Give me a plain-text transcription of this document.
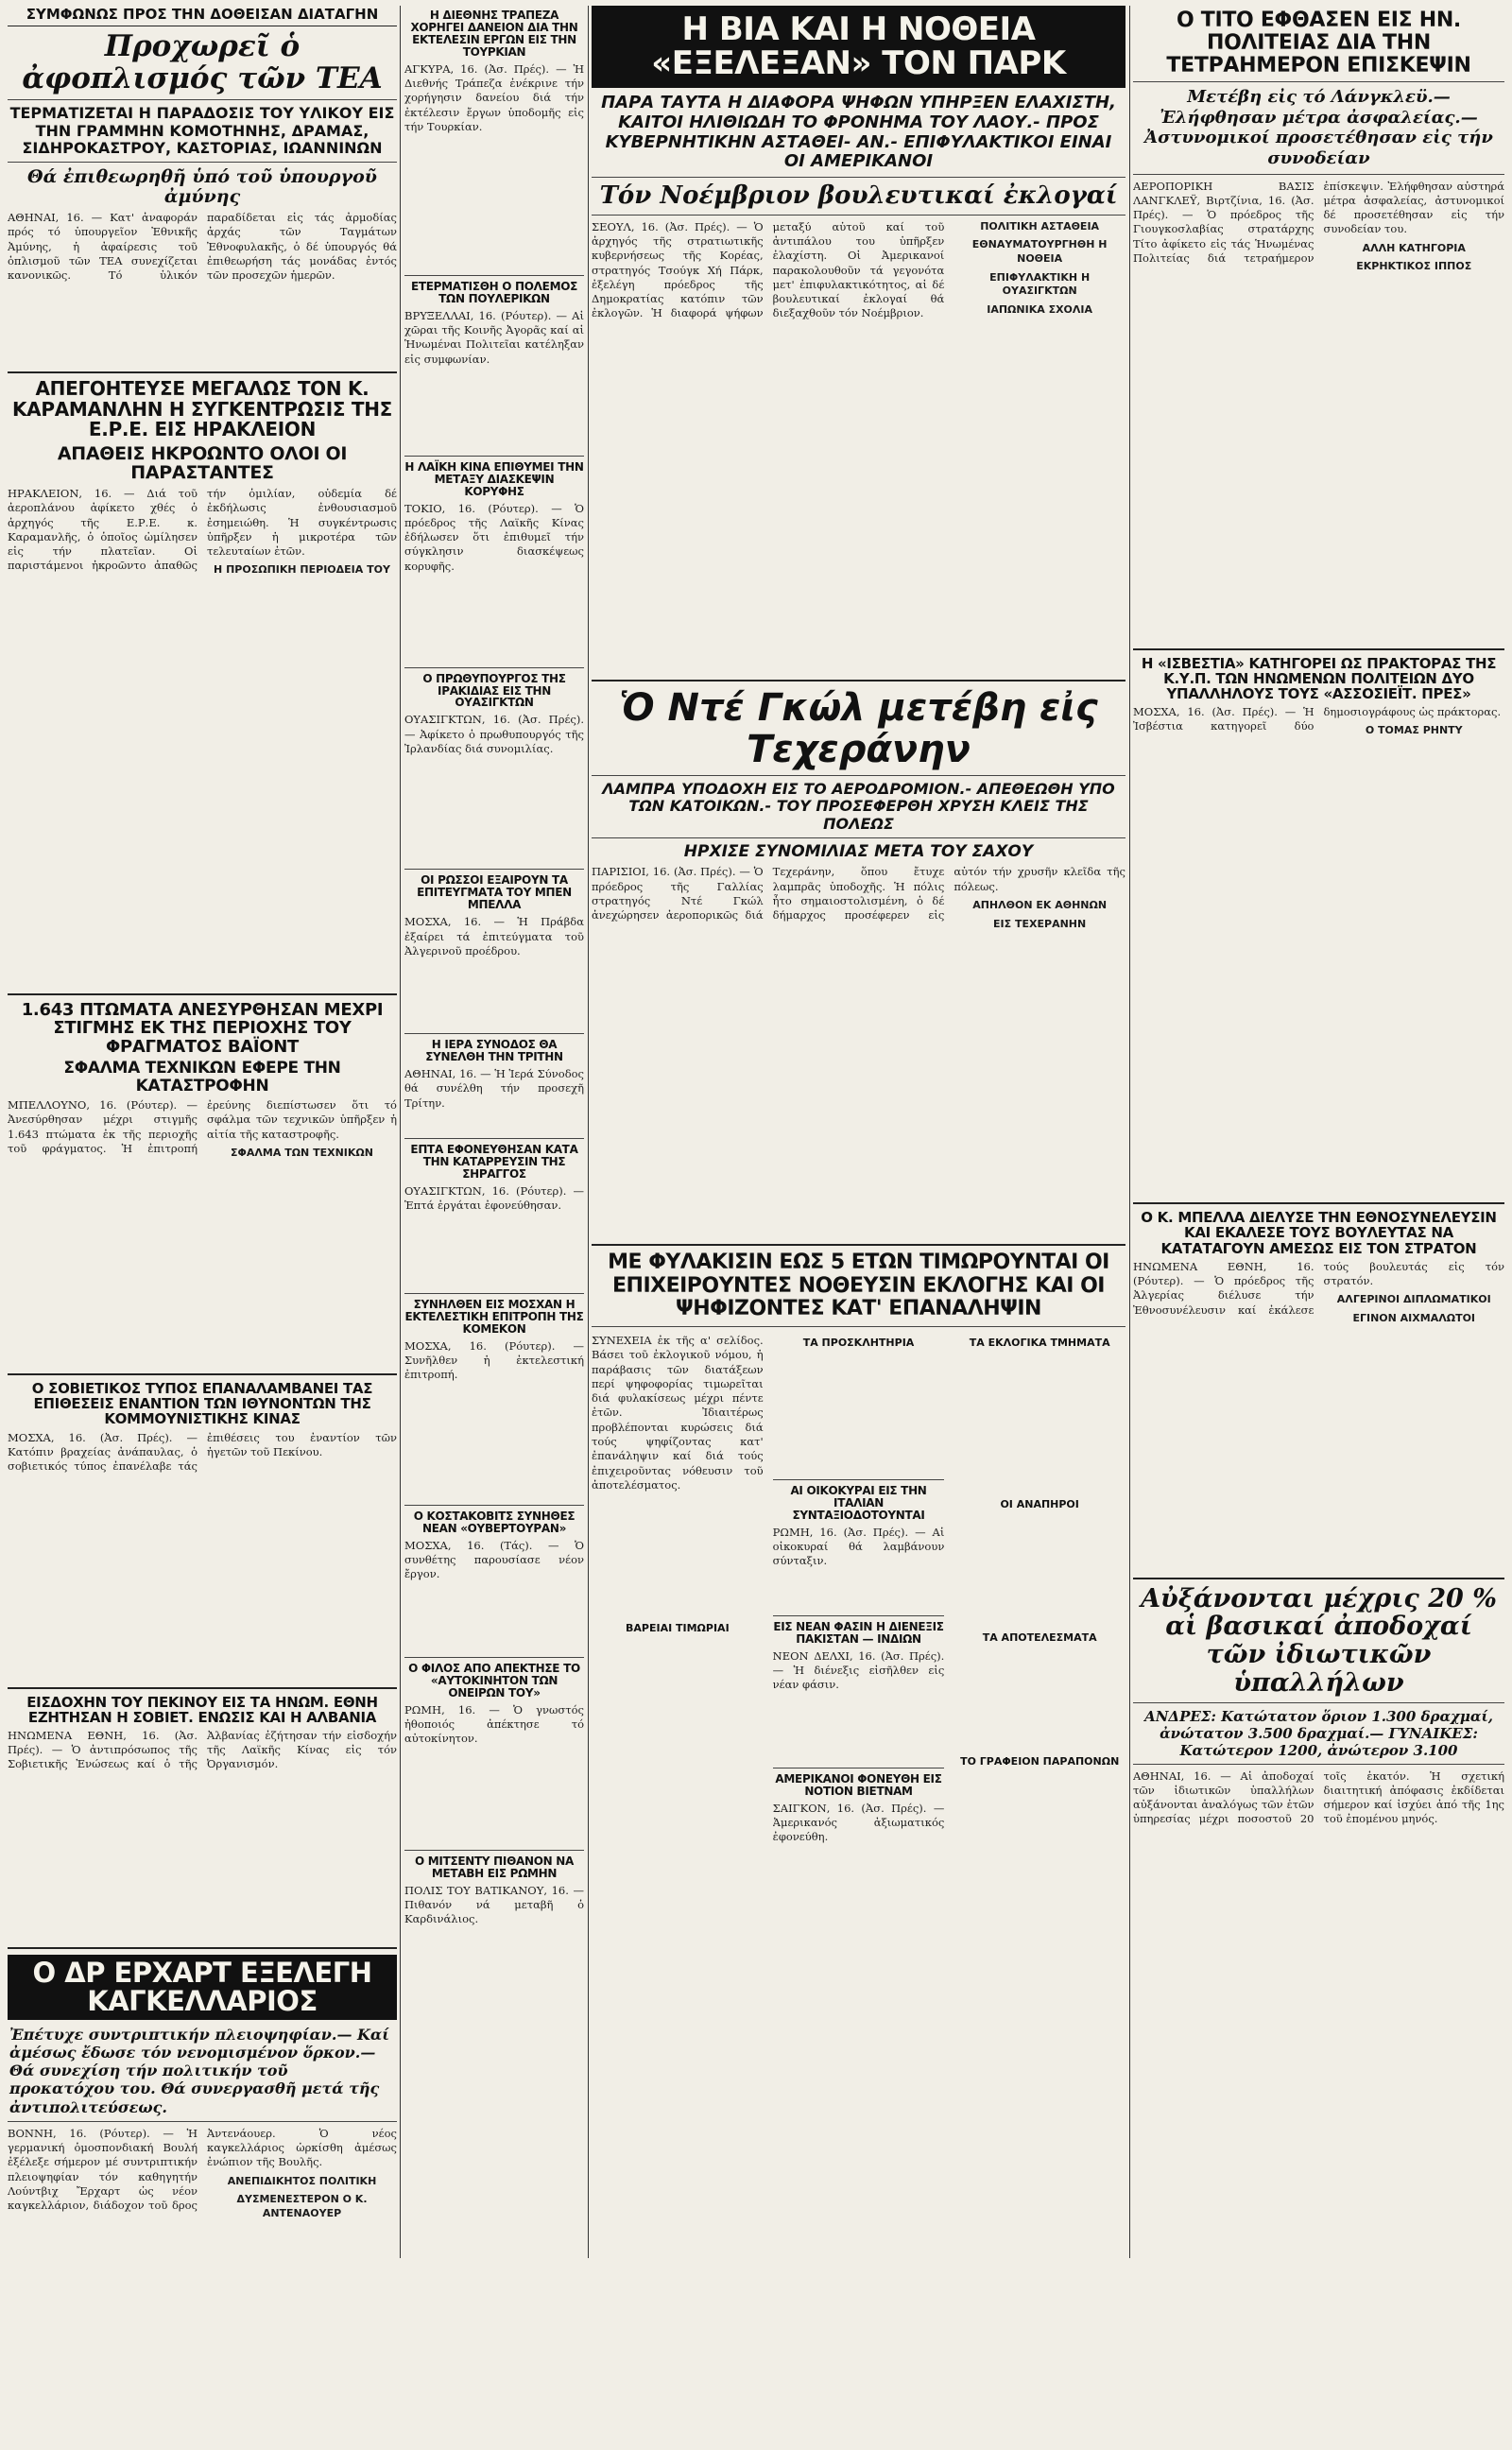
ΣΥΜΦΩΝΩΣ ΠΡΟΣ ΤΗΝ ΔΟΘΕΙΣΑΝ ΔΙΑΤΑΓΗΝ
Προχωρεῖ ὁ ἀφοπλισμός τῶν ΤΕΑ
ΤΕΡΜΑΤΙΖΕΤΑΙ Η ΠΑΡΑΔΟΣΙΣ ΤΟΥ ΥΛΙΚΟΥ ΕΙΣ ΤΗΝ ΓΡΑΜΜΗΝ ΚΟΜΟΤΗΝΗΣ, ΔΡΑΜΑΣ, ΣΙΔΗΡΟΚΑΣΤΡΟΥ, ΚΑΣΤΟΡΙΑΣ, ΙΩΑΝΝΙΝΩΝ
Θά ἐπιθεωρηθῆ ὑπό τοῦ ὑπουργοῦ ἀμύνης
ΑΘΗΝΑΙ, 16. — Κατ' ἀναφοράν πρός τό ὑπουργεῖον Ἐθνικῆς Ἀμύνης, ἡ ἀφαίρεσις τοῦ ὁπλισμοῦ τῶν ΤΕΑ συνεχίζεται κανονικῶς. Τό ὑλικόν παραδίδεται εἰς τάς ἀρμοδίας ἀρχάς τῶν Ταγμάτων Ἐθνοφυλακῆς, ὁ δέ ὑπουργός θά ἐπιθεωρήση τάς μονάδας ἐντός τῶν προσεχῶν ἡμερῶν.
ΑΠΕΓΟΗΤΕΥΣΕ ΜΕΓΑΛΩΣ ΤΟΝ Κ. ΚΑΡΑΜΑΝΛΗΝ Η ΣΥΓΚΕΝΤΡΩΣΙΣ ΤΗΣ Ε.Ρ.Ε. ΕΙΣ ΗΡΑΚΛΕΙΟΝ
ΑΠΑΘΕΙΣ ΗΚΡΟΩΝΤΟ ΟΛΟΙ ΟΙ ΠΑΡΑΣΤΑΝΤΕΣ
ΗΡΑΚΛΕΙΟΝ, 16. — Διά τοῦ ἀεροπλάνου ἀφίκετο χθές ὁ ἀρχηγός τῆς Ε.Ρ.Ε. κ. Καραμανλῆς, ὁ ὁποῖος ὡμίλησεν εἰς τήν πλατεῖαν. Οἱ παριστάμενοι ἠκροῶντο ἀπαθῶς τήν ὁμιλίαν, οὐδεμία δέ ἐκδήλωσις ἐνθουσιασμοῦ ἐσημειώθη. Ἡ συγκέντρωσις ὑπῆρξεν ἡ μικροτέρα τῶν τελευταίων ἐτῶν.
Η ΠΡΟΣΩΠΙΚΗ ΠΕΡΙΟΔΕΙΑ ΤΟΥ
1.643 ΠΤΩΜΑΤΑ ΑΝΕΣΥΡΘΗΣΑΝ ΜΕΧΡΙ ΣΤΙΓΜΗΣ ΕΚ ΤΗΣ ΠΕΡΙΟΧΗΣ ΤΟΥ ΦΡΑΓΜΑΤΟΣ ΒΑΪΟΝΤ
ΣΦΑΛΜΑ ΤΕΧΝΙΚΩΝ ΕΦΕΡΕ ΤΗΝ ΚΑΤΑΣΤΡΟΦΗΝ
ΜΠΕΛΛΟΥΝΟ, 16. (Ρόυτερ). — Ἀνεσύρθησαν μέχρι στιγμῆς 1.643 πτώματα ἐκ τῆς περιοχῆς τοῦ φράγματος. Ἡ ἐπιτροπή ἐρεύνης διεπίστωσεν ὅτι τό σφάλμα τῶν τεχνικῶν ὑπῆρξεν ἡ αἰτία τῆς καταστροφῆς.
ΣΦΑΛΜΑ ΤΩΝ ΤΕΧΝΙΚΩΝ
Ο ΣΟΒΙΕΤΙΚΟΣ ΤΥΠΟΣ ΕΠΑΝΑΛΑΜΒΑΝΕΙ ΤΑΣ ΕΠΙΘΕΣΕΙΣ ΕΝΑΝΤΙΟΝ ΤΩΝ ΙΘΥΝΟΝΤΩΝ ΤΗΣ ΚΟΜΜΟΥΝΙΣΤΙΚΗΣ ΚΙΝΑΣ
ΜΟΣΧΑ, 16. (Ἀσ. Πρές). — Κατόπιν βραχείας ἀνάπαυλας, ὁ σοβιετικός τύπος ἐπανέλαβε τάς ἐπιθέσεις του ἐναντίον τῶν ἡγετῶν τοῦ Πεκίνου.
ΕΙΣΔΟΧΗΝ ΤΟΥ ΠΕΚΙΝΟΥ ΕΙΣ ΤΑ ΗΝΩΜ. ΕΘΝΗ ΕΖΗΤΗΣΑΝ Η ΣΟΒΙΕΤ. ΕΝΩΣΙΣ ΚΑΙ Η ΑΛΒΑΝΙΑ
ΗΝΩΜΕΝΑ ΕΘΝΗ, 16. (Ἀσ. Πρές). — Ὁ ἀντιπρόσωπος τῆς Σοβιετικῆς Ἑνώσεως καί ὁ τῆς Ἀλβανίας ἐζήτησαν τήν εἰσδοχήν τῆς Λαϊκῆς Κίνας εἰς τόν Ὀργανισμόν.
Ο ΔΡ ΕΡΧΑΡΤ ΕΞΕΛΕΓΗ ΚΑΓΚΕΛΛΑΡΙΟΣ
Ἐπέτυχε συντριπτικήν πλειοψηφίαν.— Καί ἀμέσως ἔδωσε τόν νενομισμένον ὅρκον.— Θά συνεχίση τήν πολιτικήν τοῦ προκατόχου του. Θά συνεργασθῆ μετά τῆς ἀντιπολιτεύσεως.
ΒΟΝΝΗ, 16. (Ρόυτερ). — Ἡ γερμανική ὁμοσπονδιακή Βουλή ἐξέλεξε σήμερον μέ συντριπτικήν πλειοψηφίαν τόν καθηγητήν Λούντβιχ Ἔρχαρτ ὡς νέον καγκελλάριον, διάδοχον τοῦ δρος Ἀντενάουερ. Ὁ νέος καγκελλάριος ὡρκίσθη ἀμέσως ἐνώπιον τῆς Βουλῆς.
ΑΝΕΠΙΔΙΚΗΤΟΣ ΠΟΛΙΤΙΚΗ
ΔΥΣΜΕΝΕΣΤΕΡΟΝ Ο Κ. ΑΝΤΕΝΑΟΥΕΡ
Η ΔΙΕΘΝΗΣ ΤΡΑΠΕΖΑ ΧΟΡΗΓΕΙ ΔΑΝΕΙΟΝ ΔΙΑ ΤΗΝ ΕΚΤΕΛΕΣΙΝ ΕΡΓΩΝ ΕΙΣ ΤΗΝ ΤΟΥΡΚΙΑΝ
ΑΓΚΥΡΑ, 16. (Ἀσ. Πρές). — Ἡ Διεθνής Τράπεζα ἐνέκρινε τήν χορήγησιν δανείου διά τήν ἐκτέλεσιν ἔργων ὑποδομῆς εἰς τήν Τουρκίαν.
ΕΤΕΡΜΑΤΙΣΘΗ Ο ΠΟΛΕΜΟΣ ΤΩΝ ΠΟΥΛΕΡΙΚΩΝ
ΒΡΥΞΕΛΛΑΙ, 16. (Ρόυτερ). — Αἱ χῶραι τῆς Κοινῆς Ἀγορᾶς καί αἱ Ἡνωμέναι Πολιτεῖαι κατέληξαν εἰς συμφωνίαν.
Η ΛΑΪΚΗ ΚΙΝΑ ΕΠΙΘΥΜΕΙ ΤΗΝ ΜΕΤΑΞΥ ΔΙΑΣΚΕΨΙΝ ΚΟΡΥΦΗΣ
ΤΟΚΙΟ, 16. (Ρόυτερ). — Ὁ πρόεδρος τῆς Λαϊκῆς Κίνας ἐδήλωσεν ὅτι ἐπιθυμεῖ τήν σύγκλησιν διασκέψεως κορυφῆς.
Ο ΠΡΩΘΥΠΟΥΡΓΟΣ ΤΗΣ ΙΡΑΚΙΔΙΑΣ ΕΙΣ ΤΗΝ ΟΥΑΣΙΓΚΤΩΝ
ΟΥΑΣΙΓΚΤΩΝ, 16. (Ἀσ. Πρές). — Ἀφίκετο ὁ πρωθυπουργός τῆς Ἰρλανδίας διά συνομιλίας.
ΟΙ ΡΩΣΣΟΙ ΕΞΑΙΡΟΥΝ ΤΑ ΕΠΙΤΕΥΓΜΑΤΑ ΤΟΥ ΜΠΕΝ ΜΠΕΛΛΑ
ΜΟΣΧΑ, 16. — Ἡ Πράβδα ἐξαίρει τά ἐπιτεύγματα τοῦ Ἀλγερινοῦ προέδρου.
Η ΙΕΡΑ ΣΥΝΟΔΟΣ ΘΑ ΣΥΝΕΛΘΗ ΤΗΝ ΤΡΙΤΗΝ
ΑΘΗΝΑΙ, 16. — Ἡ Ἱερά Σύνοδος θά συνέλθη τήν προσεχῆ Τρίτην.
ΕΠΤΑ ΕΦΟΝΕΥΘΗΣΑΝ ΚΑΤΑ ΤΗΝ ΚΑΤΑΡΡΕΥΣΙΝ ΤΗΣ ΣΗΡΑΓΓΟΣ
ΟΥΑΣΙΓΚΤΩΝ, 16. (Ρόυτερ). — Ἑπτά ἐργάται ἐφονεύθησαν.
ΣΥΝΗΛΘΕΝ ΕΙΣ ΜΟΣΧΑΝ Η ΕΚΤΕΛΕΣΤΙΚΗ ΕΠΙΤΡΟΠΗ ΤΗΣ ΚΟΜΕΚΟΝ
ΜΟΣΧΑ, 16. (Ρόυτερ). — Συνῆλθεν ἡ ἐκτελεστική ἐπιτροπή.
Ο ΚΟΣΤΑΚΟΒΙΤΣ ΣΥΝΗΘΕΣ ΝΕΑΝ «ΟΥΒΕΡΤΟΥΡΑΝ»
ΜΟΣΧΑ, 16. (Τάς). — Ὁ συνθέτης παρουσίασε νέον ἔργον.
Ο ΦΙΛΟΣ ΑΠΟ ΑΠΕΚΤΗΣΕ ΤΟ «ΑΥΤΟΚΙΝΗΤΟΝ ΤΩΝ ΟΝΕΙΡΩΝ ΤΟΥ»
ΡΩΜΗ, 16. — Ὁ γνωστός ἠθοποιός ἀπέκτησε τό αὐτοκίνητον.
Ο ΜΙΤΣΕΝΤΥ ΠΙΘΑΝΟΝ ΝΑ ΜΕΤΑΒΗ ΕΙΣ ΡΩΜΗΝ
ΠΟΛΙΣ ΤΟΥ ΒΑΤΙΚΑΝΟΥ, 16. — Πιθανόν νά μεταβῆ ὁ Καρδινάλιος.
Η ΒΙΑ ΚΑΙ Η ΝΟΘΕΙΑ «ΕΞΕΛΕΞΑΝ» ΤΟΝ ΠΑΡΚ
ΠΑΡΑ ΤΑΥΤΑ Η ΔΙΑΦΟΡΑ ΨΗΦΩΝ ΥΠΗΡΞΕΝ ΕΛΑΧΙΣΤΗ, ΚΑΙΤΟΙ ΗΛΙΘΙΩΔΗ ΤΟ ΦΡΟΝΗΜΑ ΤΟΥ ΛΑΟΥ.- ΠΡΟΣ ΚΥΒΕΡΝΗΤΙΚΗΝ ΑΣΤΑΘΕΙ- ΑΝ.- ΕΠΙΦΥΛΑΚΤΙΚΟΙ ΕΙΝΑΙ ΟΙ ΑΜΕΡΙΚΑΝΟΙ
Τόν Νοέμβριον βουλευτικαί ἐκλογαί
ΣΕΟΥΛ, 16. (Ἀσ. Πρές). — Ὁ ἀρχηγός τῆς στρατιωτικῆς κυβερνήσεως τῆς Κορέας, στρατηγός Τσούγκ Χή Πάρκ, ἐξελέγη πρόεδρος τῆς Δημοκρατίας κατόπιν τῶν ἐκλογῶν. Ἡ διαφορά ψήφων μεταξύ αὐτοῦ καί τοῦ ἀντιπάλου του ὑπῆρξεν ἐλαχίστη. Οἱ Ἀμερικανοί παρακολουθοῦν τά γεγονότα μετ' ἐπιφυλακτικότητος, αἱ δέ βουλευτικαί ἐκλογαί θά διεξαχθοῦν τόν Νοέμβριον.
ΠΟΛΙΤΙΚΗ ΑΣΤΑΘΕΙΑ
ΕΘΝΑΥΜΑΤΟΥΡΓΗΘΗ Η ΝΟΘΕΙΑ
ΕΠΙΦΥΛΑΚΤΙΚΗ Η ΟΥΑΣΙΓΚΤΩΝ
ΙΑΠΩΝΙΚΑ ΣΧΟΛΙΑ
Ὁ Ντέ Γκώλ μετέβη εἰς Τεχεράνην
ΛΑΜΠΡΑ ΥΠΟΔΟΧΗ ΕΙΣ ΤΟ ΑΕΡΟΔΡΟΜΙΟΝ.- ΑΠΕΘΕΩΘΗ ΥΠΟ ΤΩΝ ΚΑΤΟΙΚΩΝ.- ΤΟΥ ΠΡΟΣΕΦΕΡΘΗ ΧΡΥΣΗ ΚΛΕΙΣ ΤΗΣ ΠΟΛΕΩΣ
ΗΡΧΙΣΕ ΣΥΝΟΜΙΛΙΑΣ ΜΕΤΑ ΤΟΥ ΣΑΧΟΥ
ΠΑΡΙΣΙΟΙ, 16. (Ἀσ. Πρές). — Ὁ πρόεδρος τῆς Γαλλίας στρατηγός Ντέ Γκώλ ἀνεχώρησεν ἀεροπορικῶς διά Τεχεράνην, ὅπου ἔτυχε λαμπρᾶς ὑποδοχῆς. Ἡ πόλις ἦτο σημαιοστολισμένη, ὁ δέ δήμαρχος προσέφερεν εἰς αὐτόν τήν χρυσῆν κλεῖδα τῆς πόλεως.
ΑΠΗΛΘΟΝ ΕΚ ΑΘΗΝΩΝ
ΕΙΣ ΤΕΧΕΡΑΝΗΝ
ΜΕ ΦΥΛΑΚΙΣΙΝ ΕΩΣ 5 ΕΤΩΝ ΤΙΜΩΡΟΥΝΤΑΙ ΟΙ ΕΠΙΧΕΙΡΟΥΝΤΕΣ ΝΟΘΕΥΣΙΝ ΕΚΛΟΓΗΣ ΚΑΙ ΟΙ ΨΗΦΙΖΟΝΤΕΣ ΚΑΤ' ΕΠΑΝΑΛΗΨΙΝ
ΣΥΝΕΧΕΙΑ ἐκ τῆς α' σελίδος. Βάσει τοῦ ἐκλογικοῦ νόμου, ἡ παράβασις τῶν διατάξεων περί ψηφοφορίας τιμωρεῖται διά φυλακίσεως μέχρι πέντε ἐτῶν. Ἰδιαιτέρως προβλέπονται κυρώσεις διά τούς ψηφίζοντας κατ' ἐπανάληψιν καί διά τούς ἐπιχειροῦντας νόθευσιν τοῦ ἀποτελέσματος.
ΒΑΡΕΙΑΙ ΤΙΜΩΡΙΑΙ
ΤΑ ΠΡΟΣΚΛΗΤΗΡΙΑ
ΑΙ ΟΙΚΟΚΥΡΑΙ ΕΙΣ ΤΗΝ ΙΤΑΛΙΑΝ ΣΥΝΤΑΞΙΟΔΟΤΟΥΝΤΑΙ
ΡΩΜΗ, 16. (Ἀσ. Πρές). — Αἱ οἰκοκυραί θά λαμβάνουν σύνταξιν.
ΕΙΣ ΝΕΑΝ ΦΑΣΙΝ Η ΔΙΕΝΕΞΙΣ ΠΑΚΙΣΤΑΝ — ΙΝΔΙΩΝ
ΝΕΟΝ ΔΕΛΧΙ, 16. (Ἀσ. Πρές). — Ἡ διένεξις εἰσῆλθεν εἰς νέαν φάσιν.
ΑΜΕΡΙΚΑΝΟΙ ΦΟΝΕΥΘΗ ΕΙΣ ΝΟΤΙΟΝ ΒΙΕΤΝΑΜ
ΣΑΙΓΚΟΝ, 16. (Ἀσ. Πρές). — Ἀμερικανός ἀξιωματικός ἐφονεύθη.
ΤΑ ΕΚΛΟΓΙΚΑ ΤΜΗΜΑΤΑ
ΟΙ ΑΝΑΠΗΡΟΙ
ΤΑ ΑΠΟΤΕΛΕΣΜΑΤΑ
ΤΟ ΓΡΑΦΕΙΟΝ ΠΑΡΑΠΟΝΩΝ
Ο ΤΙΤΟ ΕΦΘΑΣΕΝ ΕΙΣ ΗΝ. ΠΟΛΙΤΕΙΑΣ ΔΙΑ ΤΗΝ ΤΕΤΡΑΗΜΕΡΟΝ ΕΠΙΣΚΕΨΙΝ
Μετέβη εἰς τό Λάνγκλεϋ.— Ἐλήφθησαν μέτρα ἀσφαλείας.— Ἀστυνομικοί προσετέθησαν εἰς τήν συνοδείαν
ΑΕΡΟΠΟΡΙΚΗ ΒΑΣΙΣ ΛΑΝΓΚΛΕΫ, Βιρτζίνια, 16. (Ἀσ. Πρές). — Ὁ πρόεδρος τῆς Γιουγκοσλαβίας στρατάρχης Τίτο ἀφίκετο εἰς τάς Ἡνωμένας Πολιτείας διά τετραήμερον ἐπίσκεψιν. Ἐλήφθησαν αὐστηρά μέτρα ἀσφαλείας, ἀστυνομικοί δέ προσετέθησαν εἰς τήν συνοδείαν του.
ΑΛΛΗ ΚΑΤΗΓΟΡΙΑ
ΕΚΡΗΚΤΙΚΟΣ ΙΠΠΟΣ
Η «ΙΣΒΕΣΤΙΑ» ΚΑΤΗΓΟΡΕΙ ΩΣ ΠΡΑΚΤΟΡΑΣ ΤΗΣ Κ.Υ.Π. ΤΩΝ ΗΝΩΜΕΝΩΝ ΠΟΛΙΤΕΙΩΝ ΔΥΟ ΥΠΑΛΛΗΛΟΥΣ ΤΟΥΣ «ΑΣΣΟΣΙΕΪΤ. ΠΡΕΣ»
ΜΟΣΧΑ, 16. (Ἀσ. Πρές). — Ἡ Ἰσβέστια κατηγορεῖ δύο δημοσιογράφους ὡς πράκτορας.
Ο ΤΟΜΑΣ ΡΗΝΤΥ
Ο Κ. ΜΠΕΛΛΑ ΔΙΕΛΥΣΕ ΤΗΝ ΕΘΝΟΣΥΝΕΛΕΥΣΙΝ ΚΑΙ ΕΚΑΛΕΣΕ ΤΟΥΣ ΒΟΥΛΕΥΤΑΣ ΝΑ ΚΑΤΑΤΑΓΟΥΝ ΑΜΕΣΩΣ ΕΙΣ ΤΟΝ ΣΤΡΑΤΟΝ
ΗΝΩΜΕΝΑ ΕΘΝΗ, 16. (Ρόυτερ). — Ὁ πρόεδρος τῆς Ἀλγερίας διέλυσε τήν Ἐθνοσυνέλευσιν καί ἐκάλεσε τούς βουλευτάς εἰς τόν στρατόν.
ΑΛΓΕΡΙΝΟΙ ΔΙΠΛΩΜΑΤΙΚΟΙ
ΕΓΙΝΟΝ ΑΙΧΜΑΛΩΤΟΙ
Αὐξάνονται μέχρις 20 % αἱ βασικαί ἀποδοχαί τῶν ἰδιωτικῶν ὑπαλλήλων
ΑΝΔΡΕΣ: Κατώτατον ὅριον 1.300 δραχμαί, ἀνώτατον 3.500 δραχμαί.— ΓΥΝΑΙΚΕΣ: Κατώτερον 1200, ἀνώτερον 3.100
ΑΘΗΝΑΙ, 16. — Αἱ ἀποδοχαί τῶν ἰδιωτικῶν ὑπαλλήλων αὐξάνονται ἀναλόγως τῶν ἐτῶν ὑπηρεσίας μέχρι ποσοστοῦ 20 τοῖς ἑκατόν. Ἡ σχετική διαιτητική ἀπόφασις ἐκδίδεται σήμερον καί ἰσχύει ἀπό τῆς 1ης τοῦ ἐπομένου μηνός.
